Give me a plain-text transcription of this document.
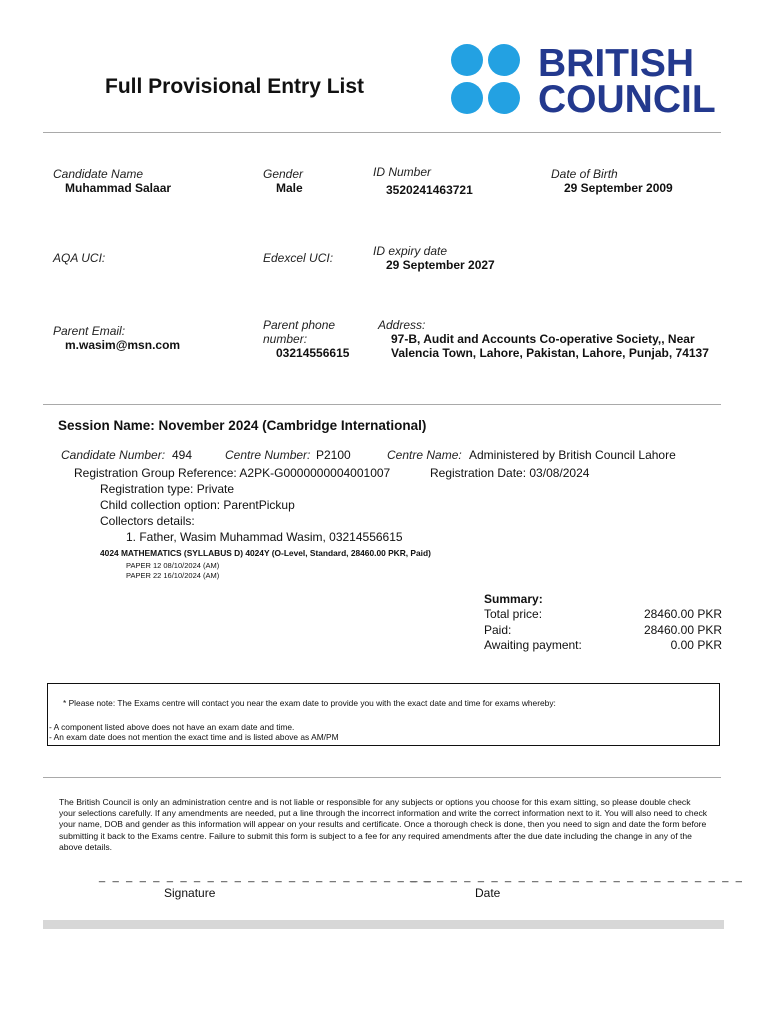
Full Provisional Entry List
BRITISH
COUNCIL
Candidate Name
Muhammad Salaar
Gender
Male
ID Number
3520241463721
Date of Birth
29 September 2009
AQA UCI:	Edexcel UCI:	ID expiry date
29 September 2027
Parent Email:
m.wasim@msn.com
Parent phone
number:
03214556615
Address:
97-B, Audit and Accounts Co-operative Society,, Near
Valencia Town, Lahore, Pakistan, Lahore, Punjab, 74137
Session Name: November 2024 (Cambridge International)
Candidate Number: 494	Centre Number: P2100	Centre Name: Administered by British Council Lahore
Registration Group Reference: A2PK-G0000000004001007	Registration Date: 03/08/2024
Registration type: Private
Child collection option: ParentPickup
Collectors details:
1. Father, Wasim Muhammad Wasim, 03214556615
4024 MATHEMATICS (SYLLABUS D) 4024Y (O-Level, Standard, 28460.00 PKR, Paid)
PAPER 12 08/10/2024 (AM)
PAPER 22 16/10/2024 (AM)
Summary:
Total price:	28460.00 PKR
Paid:	28460.00 PKR
Awaiting payment:	0.00 PKR
* Please note: The Exams centre will contact you near the exam date to provide you with the exact date and time for exams whereby:
- A component listed above does not have an exam date and time.
- An exam date does not mention the exact time and is listed above as AM/PM
The British Council is only an administration centre and is not liable or responsible for any subjects or options you choose for this exam sitting, so please double check your selections carefully. If any amendments are needed, put a line through the incorrect information and write the correct information next to it. You will also need to check your name, DOB and gender as this information will appear on your results and certificate. Once a thorough check is done, then you need to sign and date the form before submitting it back to the Exams centre. Failure to submit this form is subject to a fee for any required amendments after the due date including the change in any of the above details.
_ _ _ _ _ _ _ _ _ _ _ _ _ _ _ _ _ _ _ _ _ _ _ _ _
_ _ _ _ _ _ _ _ _ _ _ _ _ _ _ _ _ _ _ _ _ _ _ _ _
Signature	Date
